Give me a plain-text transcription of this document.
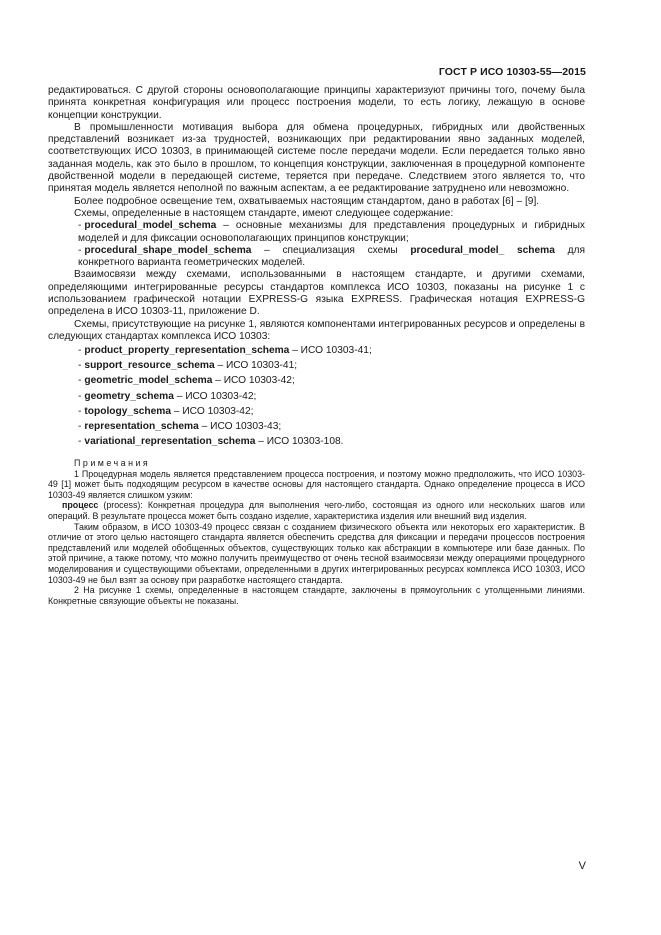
ГОСТ Р ИСО 10303-55—2015

редактироваться. С другой стороны основополагающие принципы характеризуют причины того, почему была принята конкретная конфигурация или процесс построения модели, то есть логику, лежащую в основе концепции конструкции.

В промышленности мотивация выбора для обмена процедурных, гибридных или двойственных представлений возникает из-за трудностей, возникающих при редактировании явно заданных моделей, соответствующих ИСО 10303, в принимающей системе после передачи модели. Если передается только явно заданная модель, как это было в прошлом, то концепция конструкции, заключенная в процедурной компоненте двойственной модели в передающей системе, теряется при передаче. Следствием этого является то, что принятая модель является неполной по важным аспектам, а ее редактирование затруднено или невозможно.

Более подробное освещение тем, охватываемых настоящим стандартом, дано в работах [6] – [9].

Схемы, определенные в настоящем стандарте, имеют следующее содержание:

- procedural_model_schema – основные механизмы для представления процедурных и гибридных моделей и для фиксации основополагающих принципов конструкции;
- procedural_shape_model_schema – специализация схемы procedural_model_ schema для конкретного варианта геометрических моделей.

Взаимосвязи между схемами, использованными в настоящем стандарте, и другими схемами, определяющими интегрированные ресурсы стандартов комплекса ИСО 10303, показаны на рисунке 1 с использованием графической нотации EXPRESS-G языка EXPRESS. Графическая нотация EXPRESS-G определена в ИСО 10303-11, приложение D.

Схемы, присутствующие на рисунке 1, являются компонентами интегрированных ресурсов и определены в следующих стандартах комплекса ИСО 10303:

- product_property_representation_schema – ИСО 10303-41;
- support_resource_schema – ИСО 10303-41;
- geometric_model_schema – ИСО 10303-42;
- geometry_schema – ИСО 10303-42;
- topology_schema – ИСО 10303-42;
- representation_schema – ИСО 10303-43;
- variational_representation_schema – ИСО 10303-108.

Примечания

1 Процедурная модель является представлением процесса построения, и поэтому можно предположить, что ИСО 10303-49 [1] может быть подходящим ресурсом в качестве основы для настоящего стандарта. Однако определение процесса в ИСО 10303-49 является слишком узким:

процесс (process): Конкретная процедура для выполнения чего-либо, состоящая из одного или нескольких шагов или операций. В результате процесса может быть создано изделие, характеристика изделия или внешний вид изделия.

Таким образом, в ИСО 10303-49 процесс связан с созданием физического объекта или некоторых его характеристик. В отличие от этого целью настоящего стандарта является обеспечить средства для фиксации и передачи процессов построения представлений или моделей обобщенных объектов, существующих только как абстракции в компьютере или базе данных. По этой причине, а также потому, что можно получить преимущество от очень тесной взаимосвязи между операциями процедурного моделирования и существующими объектами, определенными в других интегрированных ресурсах комплекса ИСО 10303, ИСО 10303-49 не был взят за основу при разработке настоящего стандарта.

2 На рисунке 1 схемы, определенные в настоящем стандарте, заключены в прямоугольник с утолщенными линиями. Конкретные связующие объекты не показаны.

V
